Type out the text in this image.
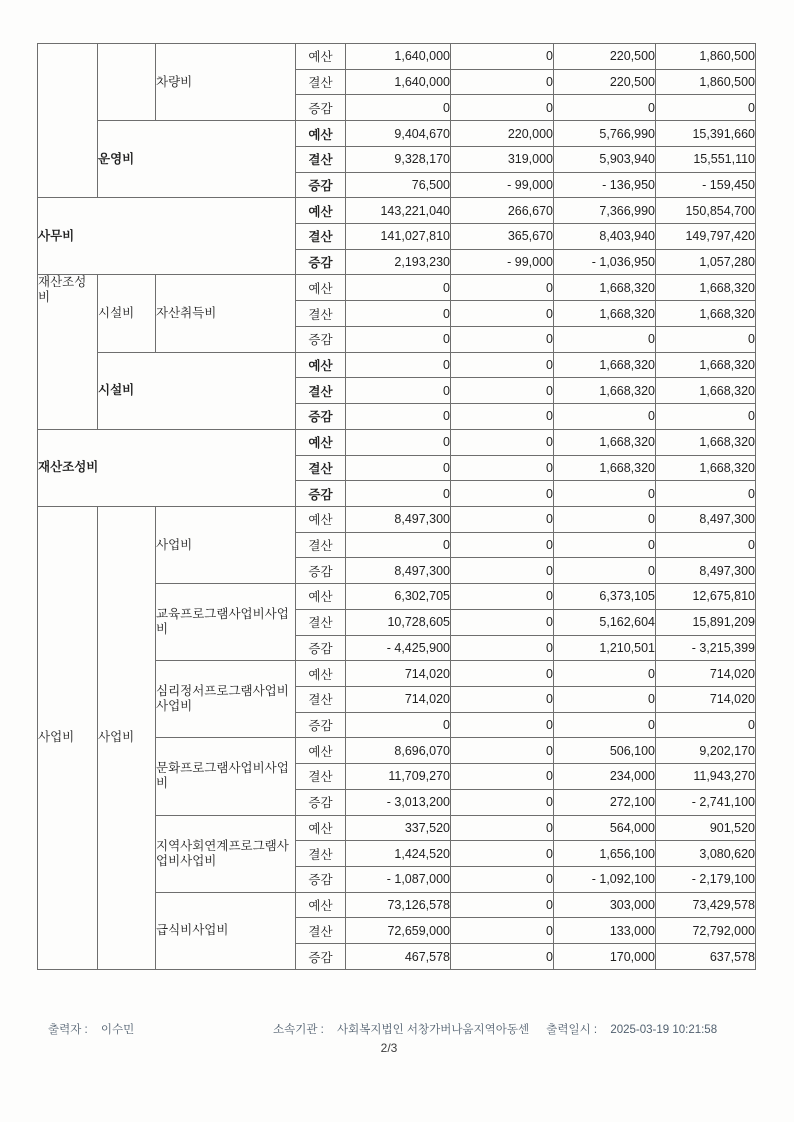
		차량비	예산	1,640,000	0	220,500	1,860,500
			결산	1,640,000	0	220,500	1,860,500
			증감	0	0	0	0
	운영비		예산	9,404,670	220,000	5,766,990	15,391,660
			결산	9,328,170	319,000	5,903,940	15,551,110
			증감	76,500	- 99,000	- 136,950	- 159,450
사무비			예산	143,221,040	266,670	7,366,990	150,854,700
			결산	141,027,810	365,670	8,403,940	149,797,420
			증감	2,193,230	- 99,000	- 1,036,950	1,057,280
재산조성비	시설비	자산취득비	예산	0	0	1,668,320	1,668,320
			결산	0	0	1,668,320	1,668,320
			증감	0	0	0	0
	시설비		예산	0	0	1,668,320	1,668,320
			결산	0	0	1,668,320	1,668,320
			증감	0	0	0	0
재산조성비			예산	0	0	1,668,320	1,668,320
			결산	0	0	1,668,320	1,668,320
			증감	0	0	0	0
사업비	사업비	사업비	예산	8,497,300	0	0	8,497,300
			결산	0	0	0	0
			증감	8,497,300	0	0	8,497,300
		교육프로그램사업비사업비	예산	6,302,705	0	6,373,105	12,675,810
			결산	10,728,605	0	5,162,604	15,891,209
			증감	- 4,425,900	0	1,210,501	- 3,215,399
		심리정서프로그램사업비사업비	예산	714,020	0	0	714,020
			결산	714,020	0	0	714,020
			증감	0	0	0	0
		문화프로그램사업비사업비	예산	8,696,070	0	506,100	9,202,170
			결산	11,709,270	0	234,000	11,943,270
			증감	- 3,013,200	0	272,100	- 2,741,100
		지역사회연계프로그램사업비사업비	예산	337,520	0	564,000	901,520
			결산	1,424,520	0	1,656,100	3,080,620
			증감	- 1,087,000	0	- 1,092,100	- 2,179,100
		급식비사업비	예산	73,126,578	0	303,000	73,429,578
			결산	72,659,000	0	133,000	72,792,000
			증감	467,578	0	170,000	637,578
출력자 : 이수민	소속기관 : 사회복지법인 서창가버나움지역아동센 출력일시 : 2025-03-19 10:21:58
2/3
